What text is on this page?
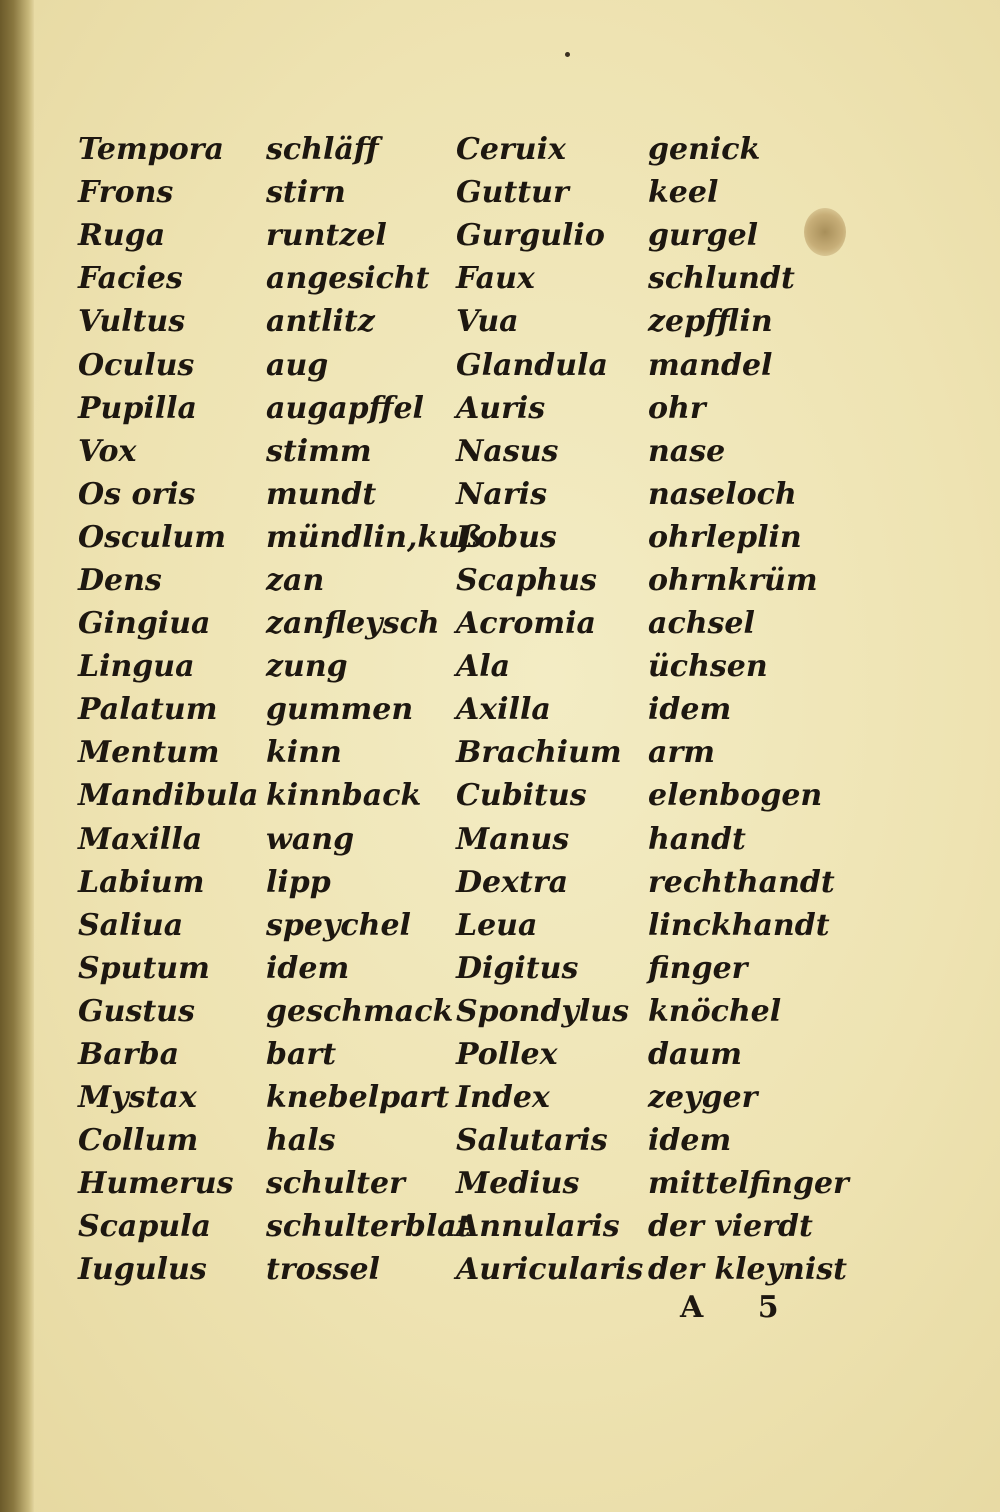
Tempora	schläff	Ceruix	genick
Frons	stirn	Guttur	keel
Ruga	runtzel	Gurgulio	gurgel
Facies	angesicht	Faux	schlundt
Vultus	antlitz	Vua	zepfflin
Oculus	aug	Glandula	mandel
Pupilla	augapffel	Auris	ohr
Vox	stimm	Nasus	nase
Os oris	mundt	Naris	naseloch
Osculum	mündlin,kuß	Lobus	ohrleplin
Dens	zan	Scaphus	ohrnkrüm
Gingiua	zanfleysch	Acromia	achsel
Lingua	zung	Ala	üchsen
Palatum	gummen	Axilla	idem
Mentum	kinn	Brachium	arm
Mandibula	kinnback	Cubitus	elenbogen
Maxilla	wang	Manus	handt
Labium	lipp	Dextra	rechthandt
Saliua	speychel	Leua	linckhandt
Sputum	idem	Digitus	finger
Gustus	geschmack	Spondylus	knöchel
Barba	bart	Pollex	daum
Mystax	knebelpart	Index	zeyger
Collum	hals	Salutaris	idem
Humerus	schulter	Medius	mittelfinger
Scapula	schulterblat	Annularis	der vierdt
Iugulus	trossel	Auricularis	der kleynist
A 5
